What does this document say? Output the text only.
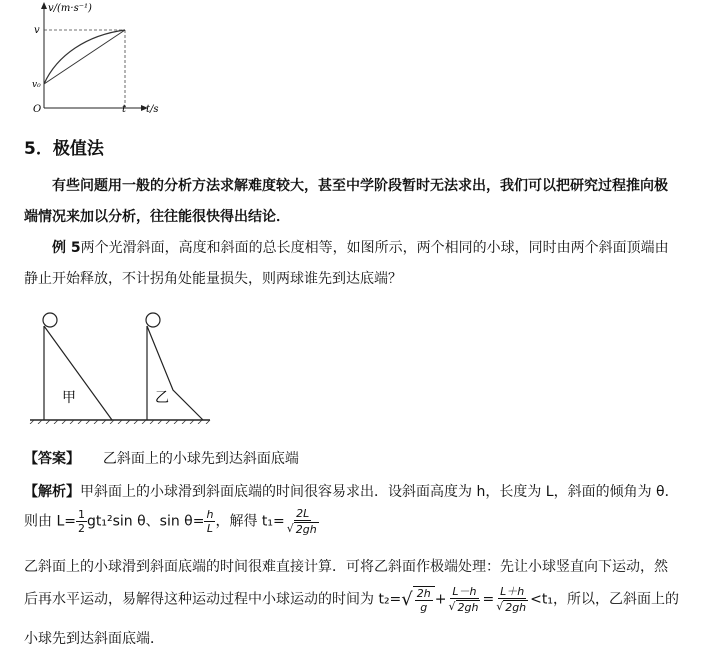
v/(m·s⁻¹)
v
v₀
O	t t/s
5．极值法
有些问题用一般的分析方法求解难度较大，甚至中学阶段暂时无法求出，我们可以把研究过程推向极
端情况来加以分析，往往能很快得出结论．
例 5两个光滑斜面，高度和斜面的总长度相等，如图所示，两个相同的小球，同时由两个斜面顶端由
静止开始释放，不计拐角处能量损失，则两球谁先到达底端？
甲	乙
【答案】 乙斜面上的小球先到达斜面底端
【解析】甲斜面上的小球滑到斜面底端的时间很容易求出．设斜面高度为 h，长度为 L，斜面的倾角为 θ．
则由 $L= \frac{1}{2} gt_1^2\sin$ θ、$\sin \theta= \frac{h}{L}$ ，解得 $t_1= \frac{2L}{√ 2gh}$
乙斜面上的小球滑到斜面底端的时间很难直接计算．可将乙斜面作极端处理：先让小球竖直向下运动，然
后再水平运动，易解得这种运动过程中小球运动的时间为 $t_2=√ \frac{2h}{g} + \frac{L-h}{√ 2gh} = \frac{L+h}{√ 2gh} <t_1$，所以，乙斜面上的
小球先到达斜面底端．
